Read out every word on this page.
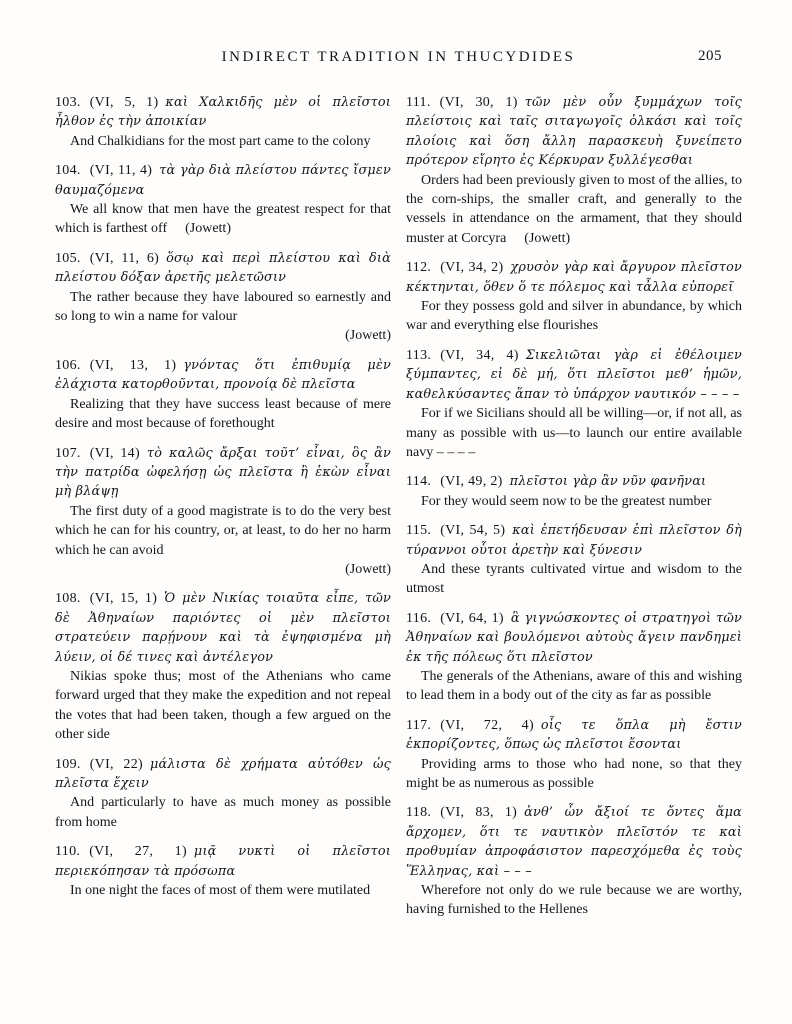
INDIRECT TRADITION IN THUCYDIDES	205

103. (VI, 5, 1) καὶ Χαλκιδῆς μὲν οἱ πλεῖστοι ἦλθον ἐς τὴν ἀποικίαν

And Chalkidians for the most part came to the colony

104. (VI, 11, 4) τὰ γὰρ διὰ πλείστου πάντες ἴσμεν θαυμαζόμενα

We all know that men have the greatest respect for that which is farthest off (Jowett)

105. (VI, 11, 6) ὅσῳ καὶ περὶ πλείστου καὶ διὰ πλείστου δόξαν ἀρετῆς μελετῶσιν

The rather because they have laboured so earnestly and so long to win a name for valour

(Jowett)

106. (VI, 13, 1) γνόντας ὅτι ἐπιθυμίᾳ μὲν ἐλάχιστα κατορθοῦνται, προνοίᾳ δὲ πλεῖστα

Realizing that they have success least because of mere desire and most because of forethought

107. (VI, 14) τὸ καλῶς ἄρξαι τοῦτ’ εἶναι, ὃς ἂν τὴν πατρίδα ὠφελήσῃ ὡς πλεῖστα ἢ ἑκὼν εἶναι μὴ βλάψῃ

The first duty of a good magistrate is to do the very best which he can for his country, or, at least, to do her no harm which he can avoid

(Jowett)

108. (VI, 15, 1) Ὁ μὲν Νικίας τοιαῦτα εἶπε, τῶν δὲ Ἀθηναίων παριόντες οἱ μὲν πλεῖστοι στρατεύειν παρῄνουν καὶ τὰ ἐψηφισμένα μὴ λύειν, οἱ δέ τινες καὶ ἀντέλεγον

Nikias spoke thus; most of the Athenians who came forward urged that they make the expedition and not repeal the votes that had been taken, though a few argued on the other side

109. (VI, 22) μάλιστα δὲ χρήματα αὐτόθεν ὡς πλεῖστα ἔχειν

And particularly to have as much money as possible from home

110. (VI, 27, 1) μιᾷ νυκτὶ οἱ πλεῖστοι περιεκόπησαν τὰ πρόσωπα

In one night the faces of most of them were mutilated

111. (VI, 30, 1) τῶν μὲν οὖν ξυμμάχων τοῖς πλείστοις καὶ ταῖς σιταγωγοῖς ὁλκάσι καὶ τοῖς πλοίοις καὶ ὅση ἄλλη παρασκευὴ ξυνείπετο πρότερον εἴρητο ἐς Κέρκυραν ξυλλέγεσθαι

Orders had been previously given to most of the allies, to the corn-ships, the smaller craft, and generally to the vessels in attendance on the armament, that they should muster at Corcyra (Jowett)

112. (VI, 34, 2) χρυσὸν γὰρ καὶ ἄργυρον πλεῖστον κέκτηνται, ὅθεν ὅ τε πόλεμος καὶ τἆλλα εὐπορεῖ

For they possess gold and silver in abundance, by which war and everything else flourishes

113. (VI, 34, 4) Σικελιῶται γὰρ εἰ ἐθέλοιμεν ξύμπαντες, εἰ δὲ μή, ὅτι πλεῖστοι μεθ’ ἡμῶν, καθελκύσαντες ἅπαν τὸ ὑπάρχον ναυτικόν – – – –

For if we Sicilians should all be willing—or, if not all, as many as possible with us—to launch our entire available navy – – – –

114. (VI, 49, 2) πλεῖστοι γὰρ ἂν νῦν φανῆναι

For they would seem now to be the greatest number

115. (VI, 54, 5) καὶ ἐπετήδευσαν ἐπὶ πλεῖστον δὴ τύραννοι οὗτοι ἀρετὴν καὶ ξύνεσιν

And these tyrants cultivated virtue and wisdom to the utmost

116. (VI, 64, 1) ἃ γιγνώσκοντες οἱ στρατηγοὶ τῶν Ἀθηναίων καὶ βουλόμενοι αὐτοὺς ἄγειν πανδημεὶ ἐκ τῆς πόλεως ὅτι πλεῖστον

The generals of the Athenians, aware of this and wishing to lead them in a body out of the city as far as possible

117. (VI, 72, 4) οἷς τε ὅπλα μὴ ἔστιν ἐκπορίζοντες, ὅπως ὡς πλεῖστοι ἔσονται

Providing arms to those who had none, so that they might be as numerous as possible

118. (VI, 83, 1) ἀνθ’ ὧν ἄξιοί τε ὄντες ἅμα ἄρχομεν, ὅτι τε ναυτικὸν πλεῖστόν τε καὶ προθυμίαν ἀπροφάσιστον παρεσχόμεθα ἐς τοὺς Ἕλληνας, καὶ – – –

Wherefore not only do we rule because we are worthy, having furnished to the Hellenes
